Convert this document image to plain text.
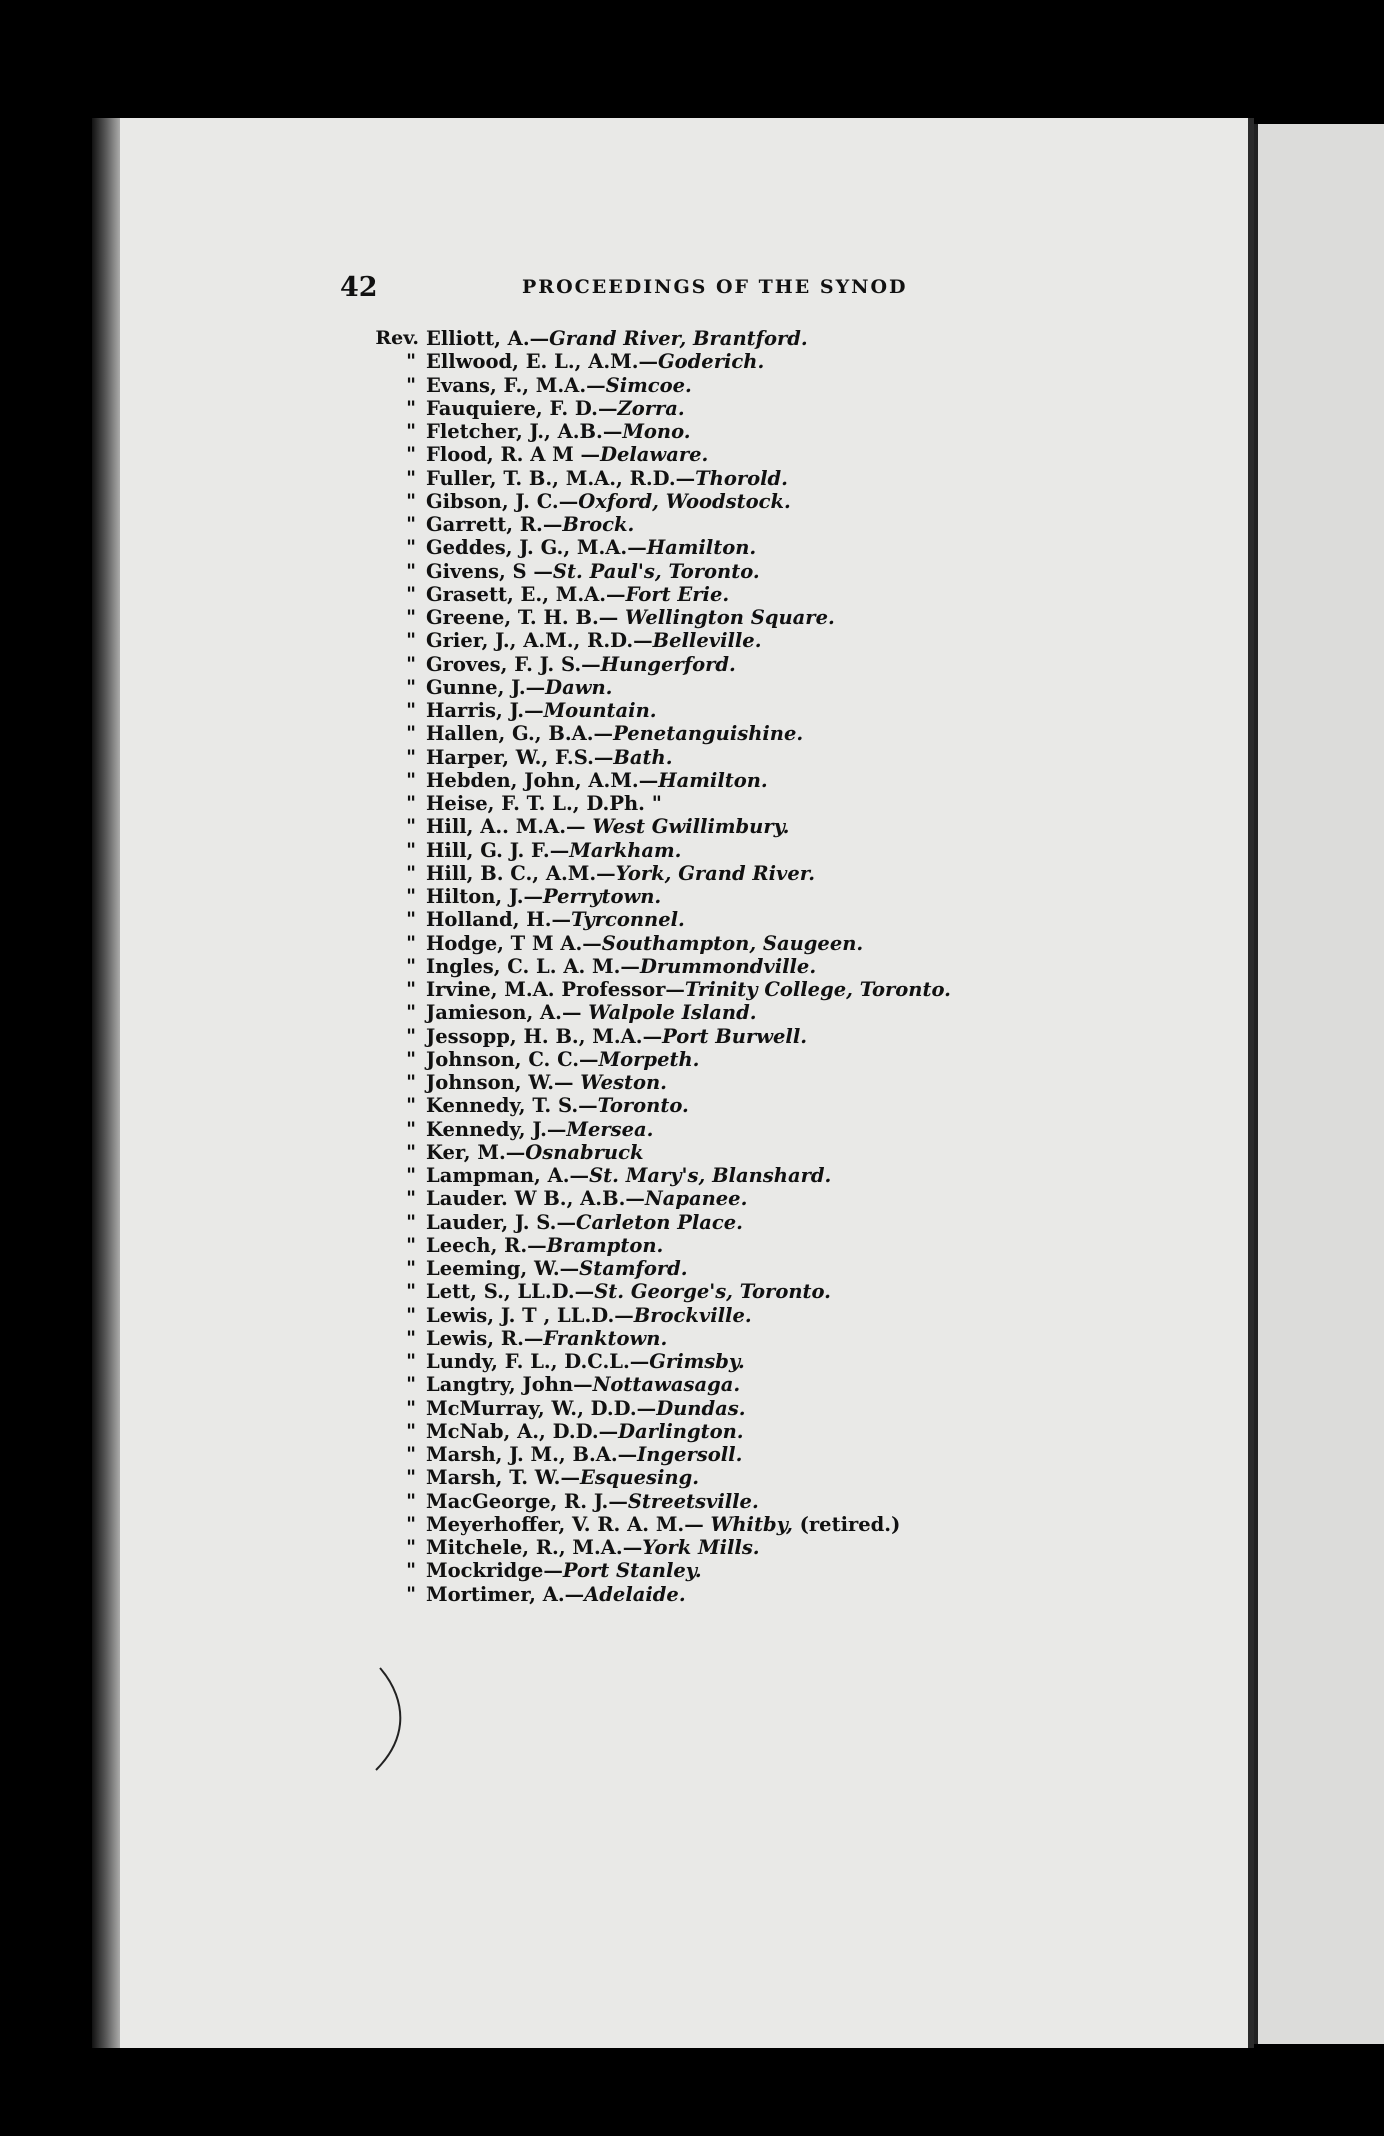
42	PROCEEDINGS OF THE SYNOD
Rev. Elliott, A.—Grand River, Brantford.
" Ellwood, E. L., A.M.—Goderich.
" Evans, F., M.A.—Simcoe.
" Fauquiere, F. D.—Zorra.
" Fletcher, J., A.B.—Mono.
" Flood, R. A M —Delaware.
" Fuller, T. B., M.A., R.D.—Thorold.
" Gibson, J. C.—Oxford, Woodstock.
" Garrett, R.—Brock.
" Geddes, J. G., M.A.—Hamilton.
" Givens, S —St. Paul's, Toronto.
" Grasett, E., M.A.—Fort Erie.
" Greene, T. H. B.— Wellington Square.
" Grier, J., A.M., R.D.—Belleville.
" Groves, F. J. S.—Hungerford.
" Gunne, J.—Dawn.
" Harris, J.—Mountain.
" Hallen, G., B.A.—Penetanguishine.
" Harper, W., F.S.—Bath.
" Hebden, John, A.M.—Hamilton.
" Heise, F. T. L., D.Ph. "
" Hill, A.. M.A.— West Gwillimbury.
" Hill, G. J. F.—Markham.
" Hill, B. C., A.M.—York, Grand River.
" Hilton, J.—Perrytown.
" Holland, H.—Tyrconnel.
" Hodge, T M A.—Southampton, Saugeen.
" Ingles, C. L. A. M.—Drummondville.
" Irvine, M.A. Professor—Trinity College, Toronto.
" Jamieson, A.— Walpole Island.
" Jessopp, H. B., M.A.—Port Burwell.
" Johnson, C. C.—Morpeth.
" Johnson, W.— Weston.
" Kennedy, T. S.—Toronto.
" Kennedy, J.—Mersea.
" Ker, M.—Osnabruck
" Lampman, A.—St. Mary's, Blanshard.
" Lauder. W B., A.B.—Napanee.
" Lauder, J. S.—Carleton Place.
" Leech, R.—Brampton.
" Leeming, W.—Stamford.
" Lett, S., LL.D.—St. George's, Toronto.
" Lewis, J. T , LL.D.—Brockville.
" Lewis, R.—Franktown.
" Lundy, F. L., D.C.L.—Grimsby.
" Langtry, John—Nottawasaga.
" McMurray, W., D.D.—Dundas.
" McNab, A., D.D.—Darlington.
" Marsh, J. M., B.A.—Ingersoll.
" Marsh, T. W.—Esquesing.
" MacGeorge, R. J.—Streetsville.
" Meyerhoffer, V. R. A. M.— Whitby, (retired.)
" Mitchele, R., M.A.—York Mills.
" Mockridge—Port Stanley.
" Mortimer, A.—Adelaide.
